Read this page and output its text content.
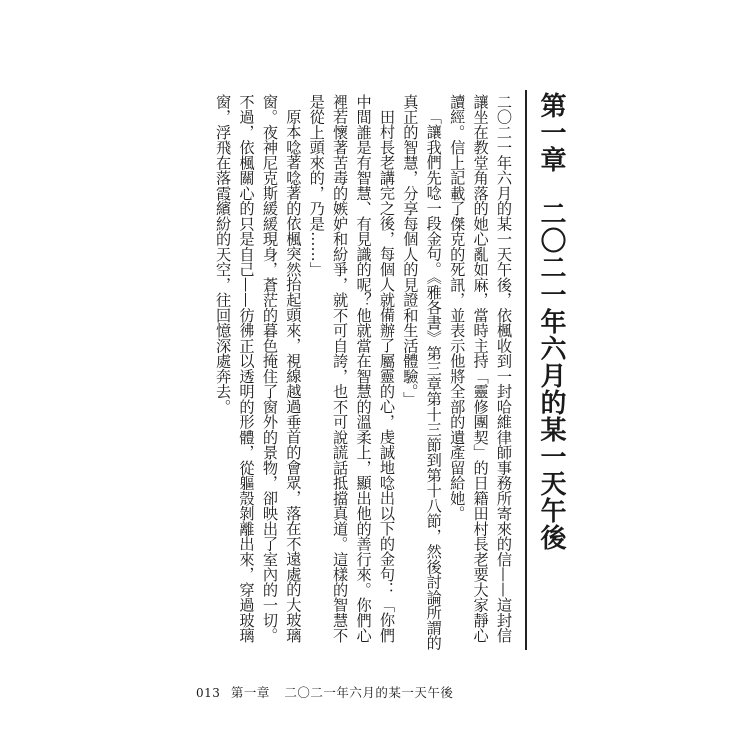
第一章　二〇二一年六月的某一天午後

二〇二一年六月的某一天午後，依楓收到一封哈維律師事務所寄來的信——這封信讓坐在教堂角落的她心亂如麻，當時主持「靈修團契」的日籍田村長老要大家靜心讀經。信上記載了傑克的死訊，並表示他將全部的遺產留給她。

「讓我們先唸一段金句。《雅各書》第三章第十三節到第十八節，然後討論所謂的真正的智慧，分享每個人的見證和生活體驗。」

田村長老講完之後，每個人就備辦了屬靈的心，虔誠地唸出以下的金句：「你們中間誰是有智慧、有見識的呢？他就當在智慧的溫柔上，顯出他的善行來。你們心裡若懷著苦毒的嫉妒和紛爭，就不可自誇，也不可說謊話抵擋真道。這樣的智慧不是從上頭來的，乃是……」

原本唸著唸著的依楓突然抬起頭來，視線越過垂首的會眾，落在不遠處的大玻璃窗。夜神尼克斯緩緩現身，蒼茫的暮色掩住了窗外的景物，卻映出了室內的一切。不過，依楓關心的只是自己——彷彿正以透明的形體，從軀殼剝離出來，穿過玻璃窗，浮飛在落霞繽紛的天空，往回憶深處奔去。

013 第一章 二〇二一年六月的某一天午後
